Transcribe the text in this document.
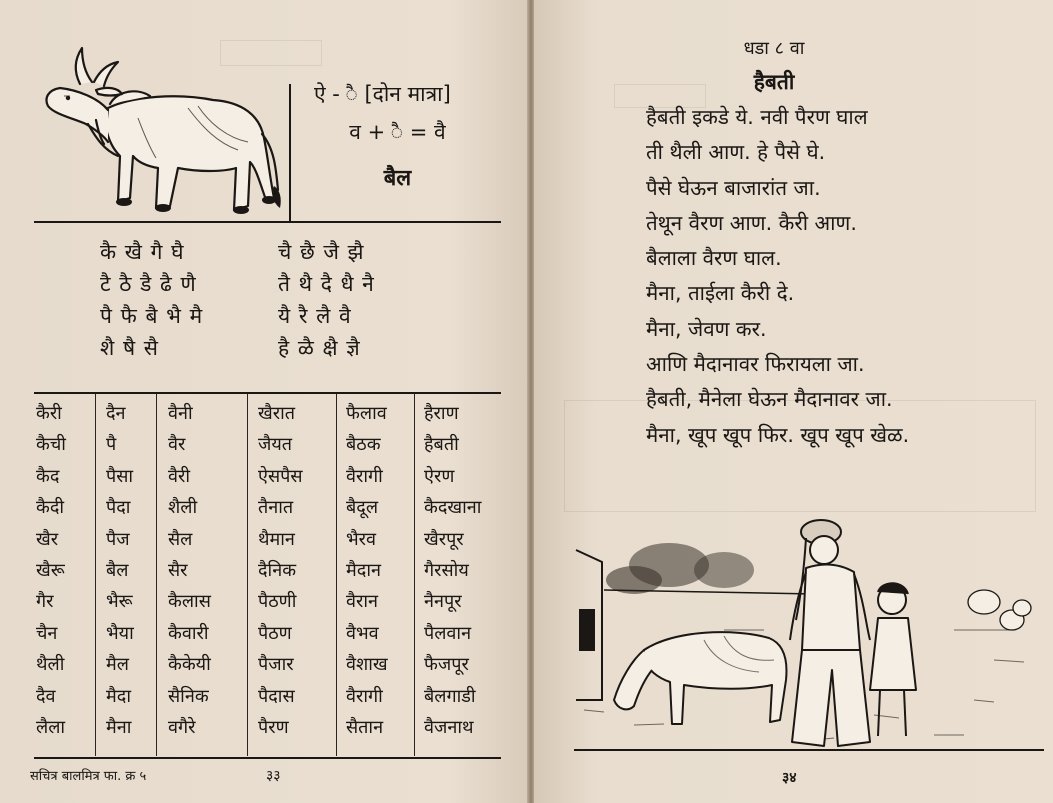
ऐ - ै [दोन मात्रा]
व + ै = वै
बैल
कै खै गै घै
टै ठै डै ढै णै
पै फै बै भै मै
शै षै सै
चै छै जै झै
तै थै दै धै नै
यै रै लै वै
है ळै क्षै ज्ञै
कैरी
कैची
कैद
कैदी
खैर
खैरू
गैर
चैन
थैली
दैव
लैला
दैन
पै
पैसा
पैदा
पैज
बैल
भैरू
भैया
मैल
मैदा
मैना
वैनी
वैर
वैरी
शैली
सैल
सैर
कैलास
कैवारी
कैकेयी
सैनिक
वगैरे
खैरात
जैयत
ऐसपैस
तैनात
थैमान
दैनिक
पैठणी
पैठण
पैजार
पैदास
पैरण
फैलाव
बैठक
वैरागी
बैदूल
भैरव
मैदान
वैरान
वैभव
वैशाख
वैरागी
सैतान
हैराण
हैबती
ऐरण
कैदखाना
खैरपूर
गैरसोय
नैनपूर
पैलवान
फैजपूर
बैलगाडी
वैजनाथ
सचित्र बालमित्र फा. क्र ५	३३
धडा ८ वा
हैबती
हैबती इकडे ये. नवी पैरण घाल
ती थैली आण. हे पैसे घे.
पैसे घेऊन बाजारांत जा.
तेथून वैरण आण. कैरी आण.
बैलाला वैरण घाल.
मैना, ताईला कैरी दे.
मैना, जेवण कर.
आणि मैदानावर फिरायला जा.
हैबती, मैनेला घेऊन मैदानावर जा.
मैना, खूप खूप फिर. खूप खूप खेळ.
३४
